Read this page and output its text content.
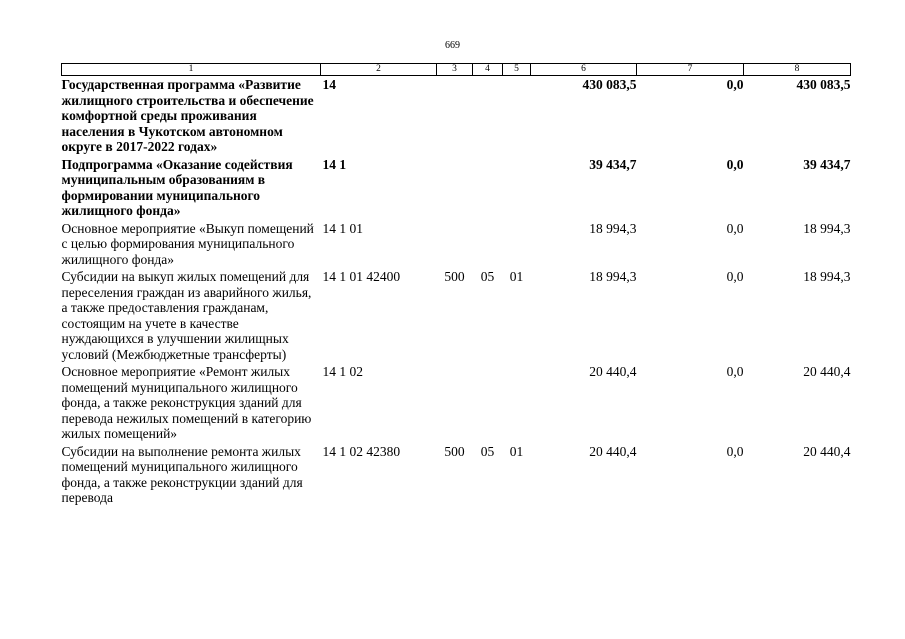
669
1	2	3	4	5	6	7	8
Государственная программа «Развитие жилищного строительства и обеспечение комфортной среды проживания населения в Чукотском автономном округе в 2017-2022 годах»	14				430 083,5	0,0	430 083,5
Подпрограмма «Оказание содействия муниципальным образованиям в формировании муниципального жилищного фонда»	14 1				39 434,7	0,0	39 434,7
Основное мероприятие «Выкуп помещений с целью формирования муниципального жилищного фонда»	14 1 01				18 994,3	0,0	18 994,3
Субсидии на выкуп жилых помещений для переселения граждан из аварийного жилья, а также предоставления гражданам, состоящим на учете в качестве нуждающихся в улучшении жилищных условий (Межбюджетные трансферты)	14 1 01 42400	500	05	01	18 994,3	0,0	18 994,3
Основное мероприятие «Ремонт жилых помещений муниципального жилищного фонда, а также реконструкция зданий для перевода нежилых помещений в категорию жилых помещений»	14 1 02				20 440,4	0,0	20 440,4
Субсидии на выполнение ремонта жилых помещений муниципального жилищного фонда, а также реконструкции зданий для перевода	14 1 02 42380	500	05	01	20 440,4	0,0	20 440,4
